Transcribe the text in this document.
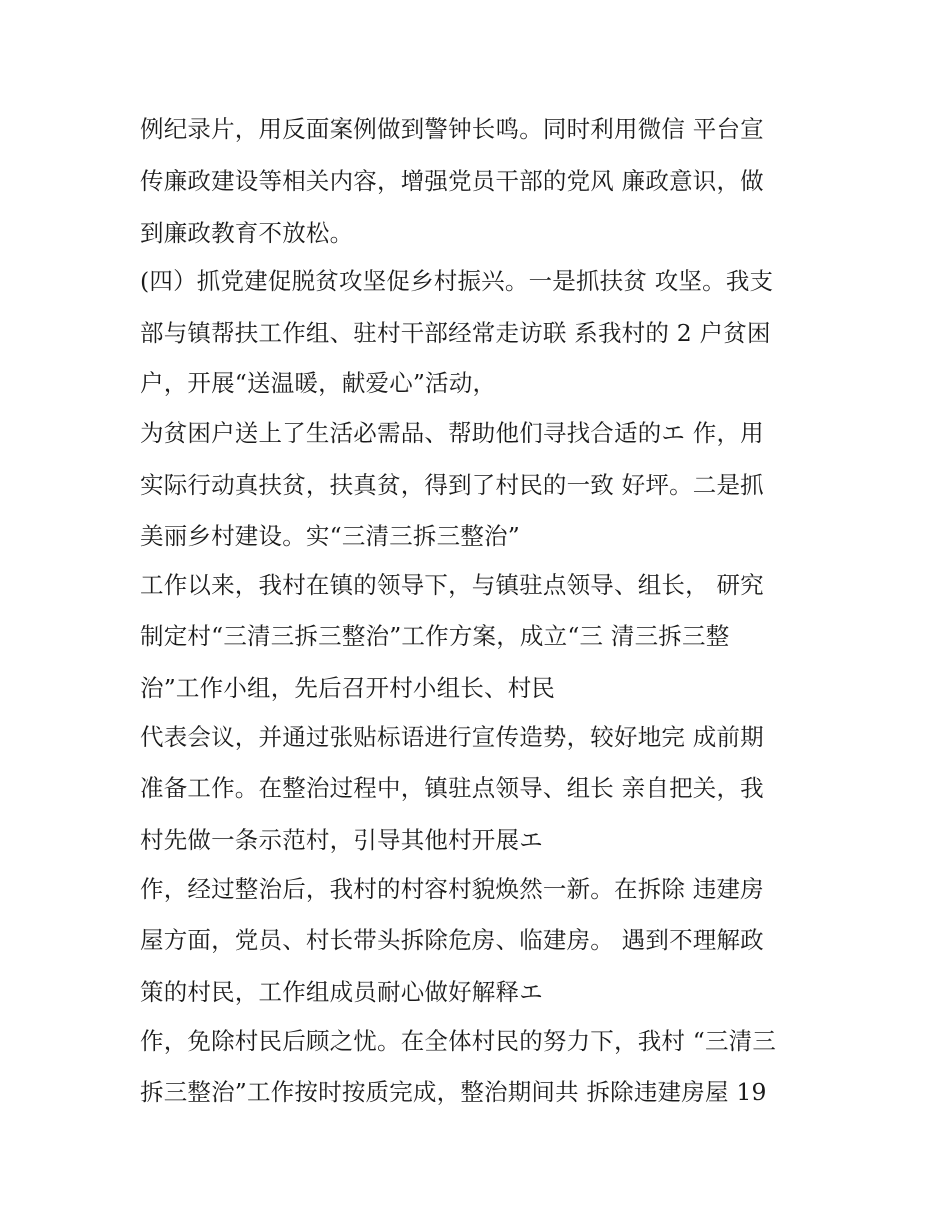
例纪录片，用反面案例做到警钟长鸣。同时利用微信 平台宣
传廉政建设等相关内容，增强党员干部的党风 廉政意识，做
到廉政教育不放松。
(四）抓党建促脱贫攻坚促乡村振兴。一是抓扶贫 攻坚。我支
部与镇帮扶工作组、驻村干部经常走访联 系我村的 2 户贫困
户，开展“送温暖，献爱心”活动，
为贫困户送上了生活必需品、帮助他们寻找合适的エ 作，用
实际行动真扶贫，扶真贫，得到了村民的一致 好坪。二是抓
美丽乡村建设。实“三清三拆三整治”
工作以来，我村在镇的领导下，与镇驻点领导、组长， 研究
制定村“三清三拆三整治”工作方案，成立“三 清三拆三整
治”工作小组，先后召开村小组长、村民
代表会议，并通过张贴标语进行宣传造势，较好地完 成前期
准备工作。在整治过程中，镇驻点领导、组长 亲自把关，我
村先做一条示范村，引导其他村开展エ
作，经过整治后，我村的村容村貌焕然一新。在拆除 违建房
屋方面，党员、村长带头拆除危房、临建房。 遇到不理解政
策的村民，工作组成员耐心做好解释エ
作，免除村民后顾之忧。在全体村民的努力下，我村 “三清三
拆三整治”工作按时按质完成，整治期间共 拆除违建房屋 19
